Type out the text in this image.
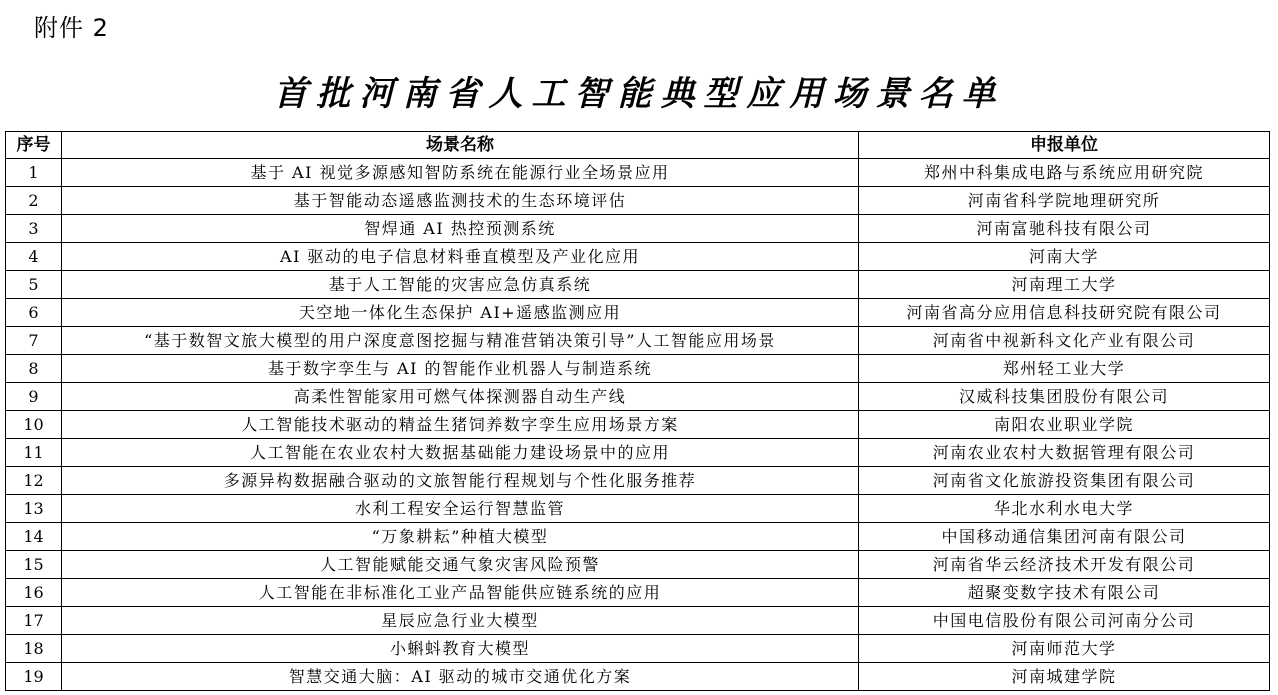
附件 2
首批河南省人工智能典型应用场景名单
序号	场景名称	申报单位
1	基于 AI 视觉多源感知智防系统在能源行业全场景应用	郑州中科集成电路与系统应用研究院
2	基于智能动态遥感监测技术的生态环境评估	河南省科学院地理研究所
3	智焊通 AI 热控预测系统	河南富驰科技有限公司
4	AI 驱动的电子信息材料垂直模型及产业化应用	河南大学
5	基于人工智能的灾害应急仿真系统	河南理工大学
6	天空地一体化生态保护 AI+遥感监测应用	河南省高分应用信息科技研究院有限公司
7	“基于数智文旅大模型的用户深度意图挖掘与精准营销决策引导”人工智能应用场景	河南省中视新科文化产业有限公司
8	基于数字孪生与 AI 的智能作业机器人与制造系统	郑州轻工业大学
9	高柔性智能家用可燃气体探测器自动生产线	汉威科技集团股份有限公司
10	人工智能技术驱动的精益生猪饲养数字孪生应用场景方案	南阳农业职业学院
11	人工智能在农业农村大数据基础能力建设场景中的应用	河南农业农村大数据管理有限公司
12	多源异构数据融合驱动的文旅智能行程规划与个性化服务推荐	河南省文化旅游投资集团有限公司
13	水利工程安全运行智慧监管	华北水利水电大学
14	“万象耕耘”种植大模型	中国移动通信集团河南有限公司
15	人工智能赋能交通气象灾害风险预警	河南省华云经济技术开发有限公司
16	人工智能在非标准化工业产品智能供应链系统的应用	超聚变数字技术有限公司
17	星辰应急行业大模型	中国电信股份有限公司河南分公司
18	小蝌蚪教育大模型	河南师范大学
19	智慧交通大脑：AI 驱动的城市交通优化方案	河南城建学院
